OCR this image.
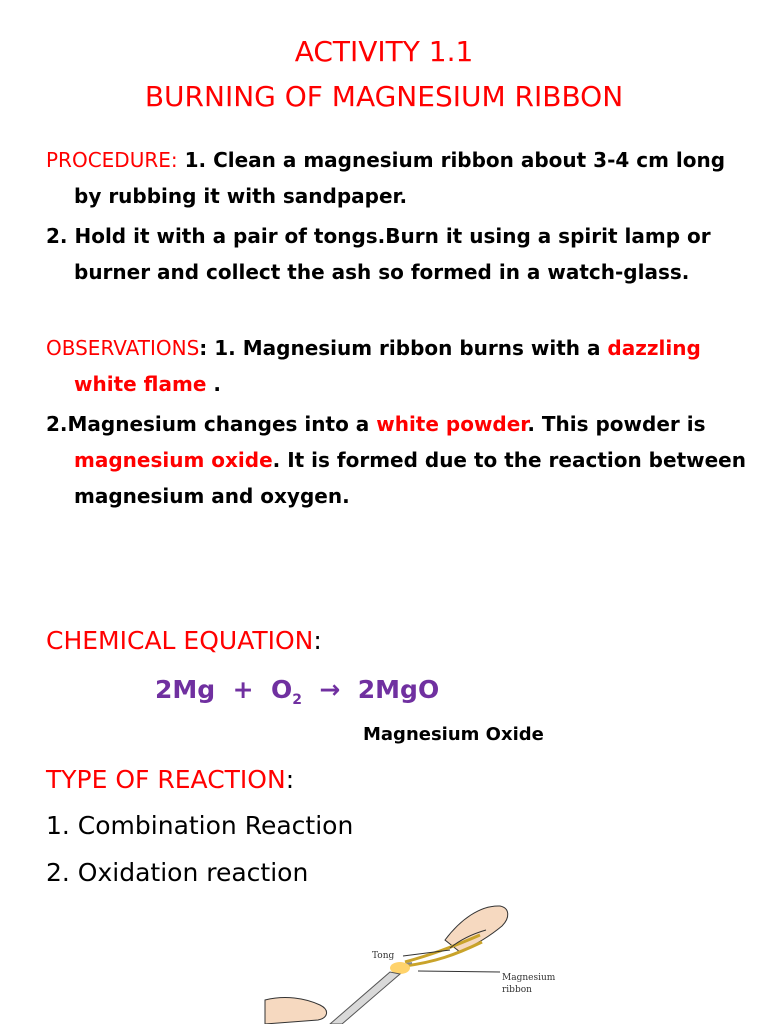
ACTIVITY 1.1
BURNING OF MAGNESIUM RIBBON
PROCEDURE: 1. Clean a magnesium ribbon about 3-4 cm long by rubbing it with sandpaper.
2. Hold it with a pair of tongs.Burn it using a spirit lamp or burner and collect the ash so formed in a watch-glass.
OBSERVATIONS: 1. Magnesium ribbon burns with a dazzling white flame .
2.Magnesium changes into a white powder. This powder is magnesium oxide. It is formed due to the reaction between magnesium and oxygen.
CHEMICAL EQUATION:
$2Mg + O_2 \to 2MgO$
Magnesium Oxide
TYPE OF REACTION:
1. Combination Reaction
2. Oxidation reaction
Tong
Magnesium
ribbon
